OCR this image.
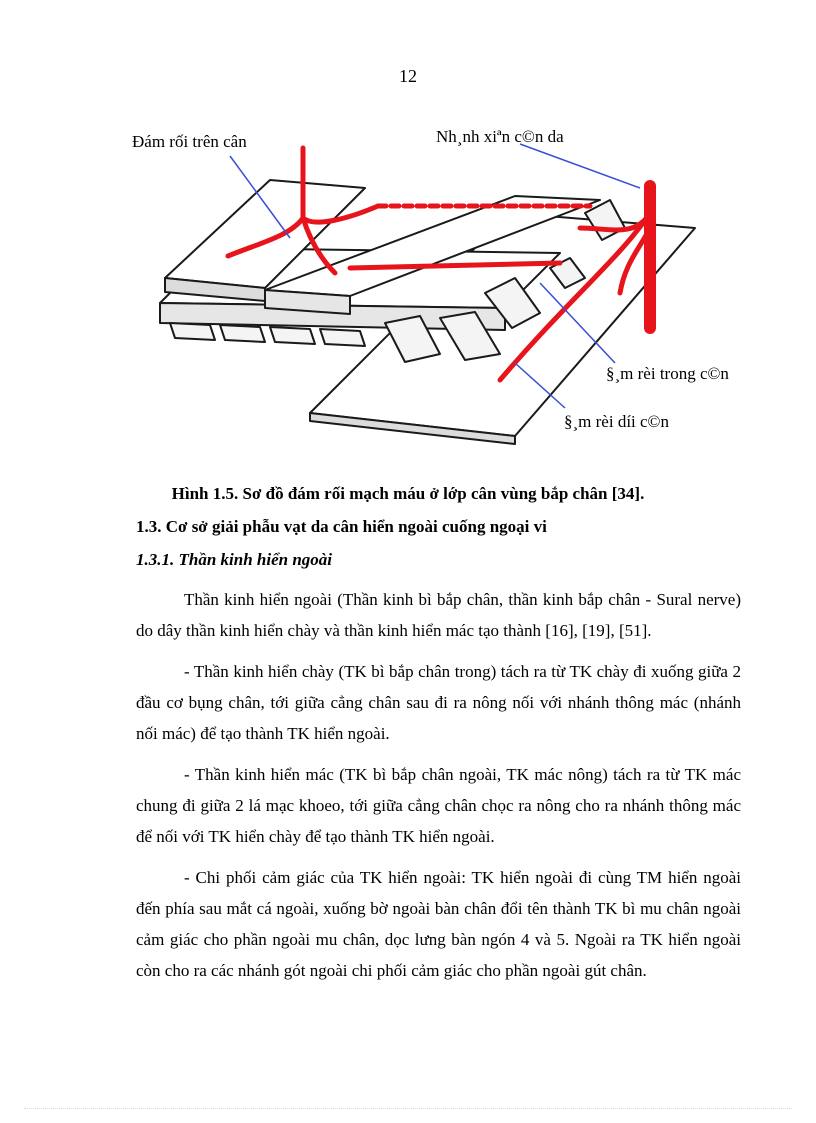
12
Đám rối trên cân	Nh¸nh xiªn c©n da
§¸m rèi trong c©n
§¸m rèi díi c©n
Hình 1.5. Sơ đồ đám rối mạch máu ở lớp cân vùng bắp chân [34].
1.3. Cơ sở giải phẫu vạt da cân hiển ngoài cuống ngoại vi
1.3.1. Thần kinh hiển ngoài

Thần kinh hiển ngoài (Thần kinh bì bắp chân, thần kinh bắp chân - Sural nerve) do dây thần kinh hiển chày và thần kinh hiển mác tạo thành [16], [19], [51].

- Thần kinh hiển chày (TK bì bắp chân trong) tách ra từ TK chày đi xuống giữa 2 đầu cơ bụng chân, tới giữa cẳng chân sau đi ra nông nối với nhánh thông mác (nhánh nối mác) để tạo thành TK hiển ngoài.

- Thần kinh hiển mác (TK bì bắp chân ngoài, TK mác nông) tách ra từ TK mác chung đi giữa 2 lá mạc khoeo, tới giữa cẳng chân chọc ra nông cho ra nhánh thông mác để nối với TK hiển chày để tạo thành TK hiển ngoài.

- Chi phối cảm giác của TK hiển ngoài: TK hiển ngoài đi cùng TM hiển ngoài đến phía sau mắt cá ngoài, xuống bờ ngoài bàn chân đổi tên thành TK bì mu chân ngoài cảm giác cho phần ngoài mu chân, dọc lưng bàn ngón 4 và 5. Ngoài ra TK hiển ngoài còn cho ra các nhánh gót ngoài chi phối cảm giác cho phần ngoài gút chân.
